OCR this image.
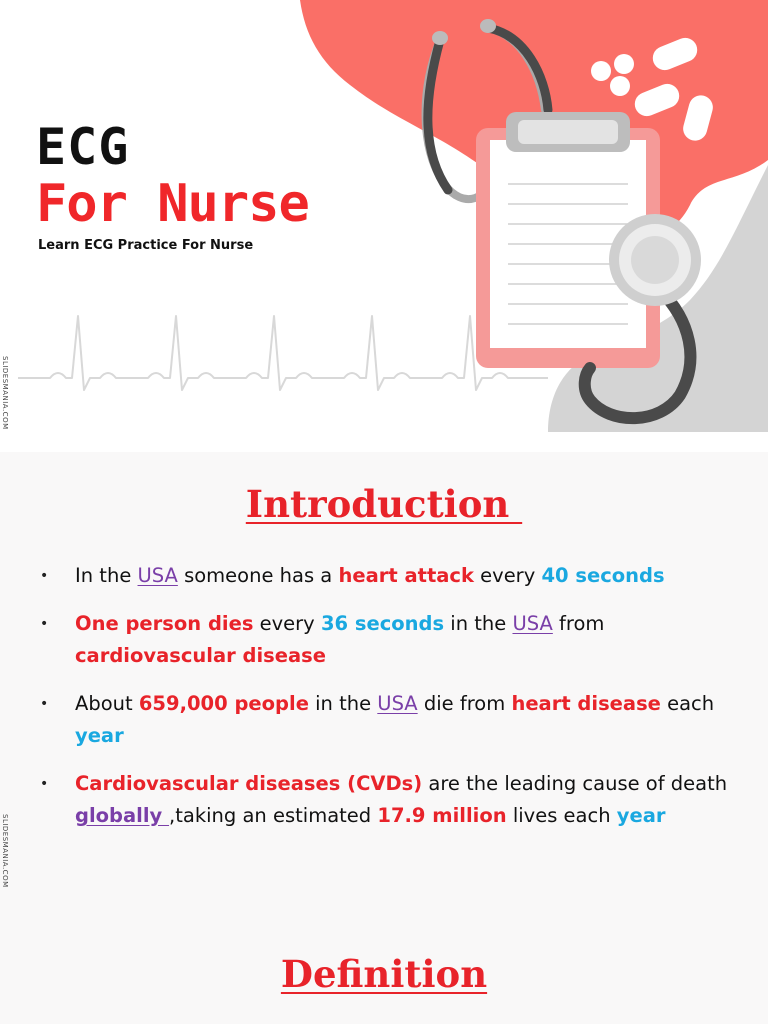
ECG
For Nurse
Learn ECG Practice For Nurse
SLIDESMANIA.COM
SLIDESMANIA.COM
Introduction
• In the USA someone has a heart attack every 40 seconds
• One person dies every 36 seconds in the USA from cardiovascular disease
• About 659,000 people in the USA die from heart disease each year
• Cardiovascular diseases (CVDs) are the leading cause of death globally ,taking an estimated 17.9 million lives each year
Definition
